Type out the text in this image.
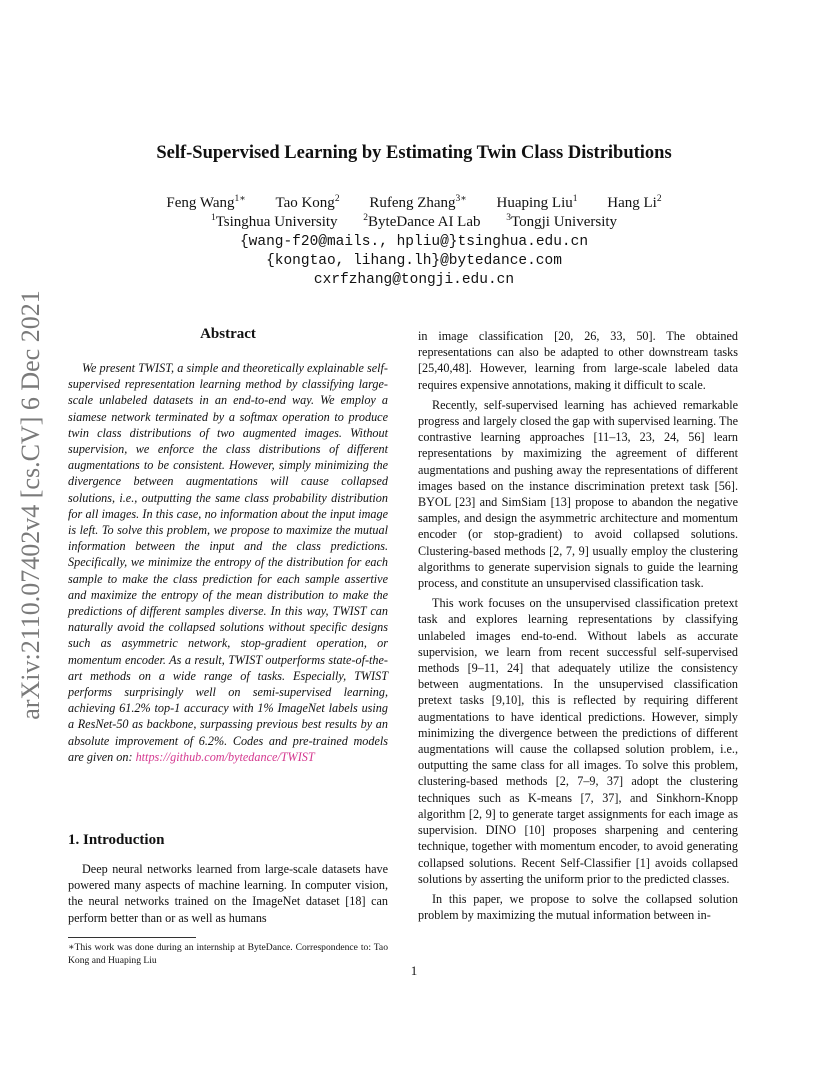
arXiv:2110.07402v4 [cs.CV] 6 Dec 2021
Self-Supervised Learning by Estimating Twin Class Distributions
Feng Wang$^{1∗}$ Tao Kong$^2$ Rufeng Zhang$^{3∗}$ Huaping Liu$^1$ Hang Li$^2$
$^1$Tsinghua University	$^2$ByteDance AI Lab	$^3$Tongji University
{wang-f20@mails., hpliu@}tsinghua.edu.cn
{kongtao, lihang.lh}@bytedance.com
cxrfzhang@tongji.edu.cn
Abstract

We present TWIST, a simple and theoretically explainable self-supervised representation learning method by classifying large-scale unlabeled datasets in an end-to-end way. We employ a siamese network terminated by a softmax operation to produce twin class distributions of two augmented images. Without supervision, we enforce the class distributions of different augmentations to be consistent. However, simply minimizing the divergence between augmentations will cause collapsed solutions, i.e., outputting the same class probability distribution for all images. In this case, no information about the input image is left. To solve this problem, we propose to maximize the mutual information between the input and the class predictions. Specifically, we minimize the entropy of the distribution for each sample to make the class prediction for each sample assertive and maximize the entropy of the mean distribution to make the predictions of different samples diverse. In this way, TWIST can naturally avoid the collapsed solutions without specific designs such as asymmetric network, stop-gradient operation, or momentum encoder. As a result, TWIST outperforms state-of-the-art methods on a wide range of tasks. Especially, TWIST performs surprisingly well on semi-supervised learning, achieving 61.2% top-1 accuracy with 1% ImageNet labels using a ResNet-50 as backbone, surpassing previous best results by an absolute improvement of 6.2%. Codes and pre-trained models are given on: https://github.com/bytedance/TWIST

1. Introduction

Deep neural networks learned from large-scale datasets have powered many aspects of machine learning. In computer vision, the neural networks trained on the ImageNet dataset [18] can perform better than or as well as humans

∗This work was done during an internship at ByteDance. Correspondence to: Tao Kong and Huaping Liu

in image classification [20, 26, 33, 50]. The obtained representations can also be adapted to other downstream tasks [25,40,48]. However, learning from large-scale labeled data requires expensive annotations, making it difficult to scale.

Recently, self-supervised learning has achieved remarkable progress and largely closed the gap with supervised learning. The contrastive learning approaches [11–13, 23, 24, 56] learn representations by maximizing the agreement of different augmentations and pushing away the representations of different images based on the instance discrimination pretext task [56]. BYOL [23] and SimSiam [13] propose to abandon the negative samples, and design the asymmetric architecture and momentum encoder (or stop-gradient) to avoid collapsed solutions. Clustering-based methods [2, 7, 9] usually employ the clustering algorithms to generate supervision signals to guide the learning process, and constitute an unsupervised classification task.

This work focuses on the unsupervised classification pretext task and explores learning representations by classifying unlabeled images end-to-end. Without labels as accurate supervision, we learn from recent successful self-supervised methods [9–11, 24] that adequately utilize the consistency between augmentations. In the unsupervised classification pretext tasks [9,10], this is reflected by requiring different augmentations to have identical predictions. However, simply minimizing the divergence between the predictions of different augmentations will cause the collapsed solution problem, i.e., outputting the same class for all images. To solve this problem, clustering-based methods [2, 7–9, 37] adopt the clustering techniques such as K-means [7, 37], and Sinkhorn-Knopp algorithm [2, 9] to generate target assignments for each image as supervision. DINO [10] proposes sharpening and centering technique, together with momentum encoder, to avoid generating collapsed solutions. Recent Self-Classifier [1] avoids collapsed solutions by asserting the uniform prior to the predicted classes.

In this paper, we propose to solve the collapsed solution problem by maximizing the mutual information between in-

1
